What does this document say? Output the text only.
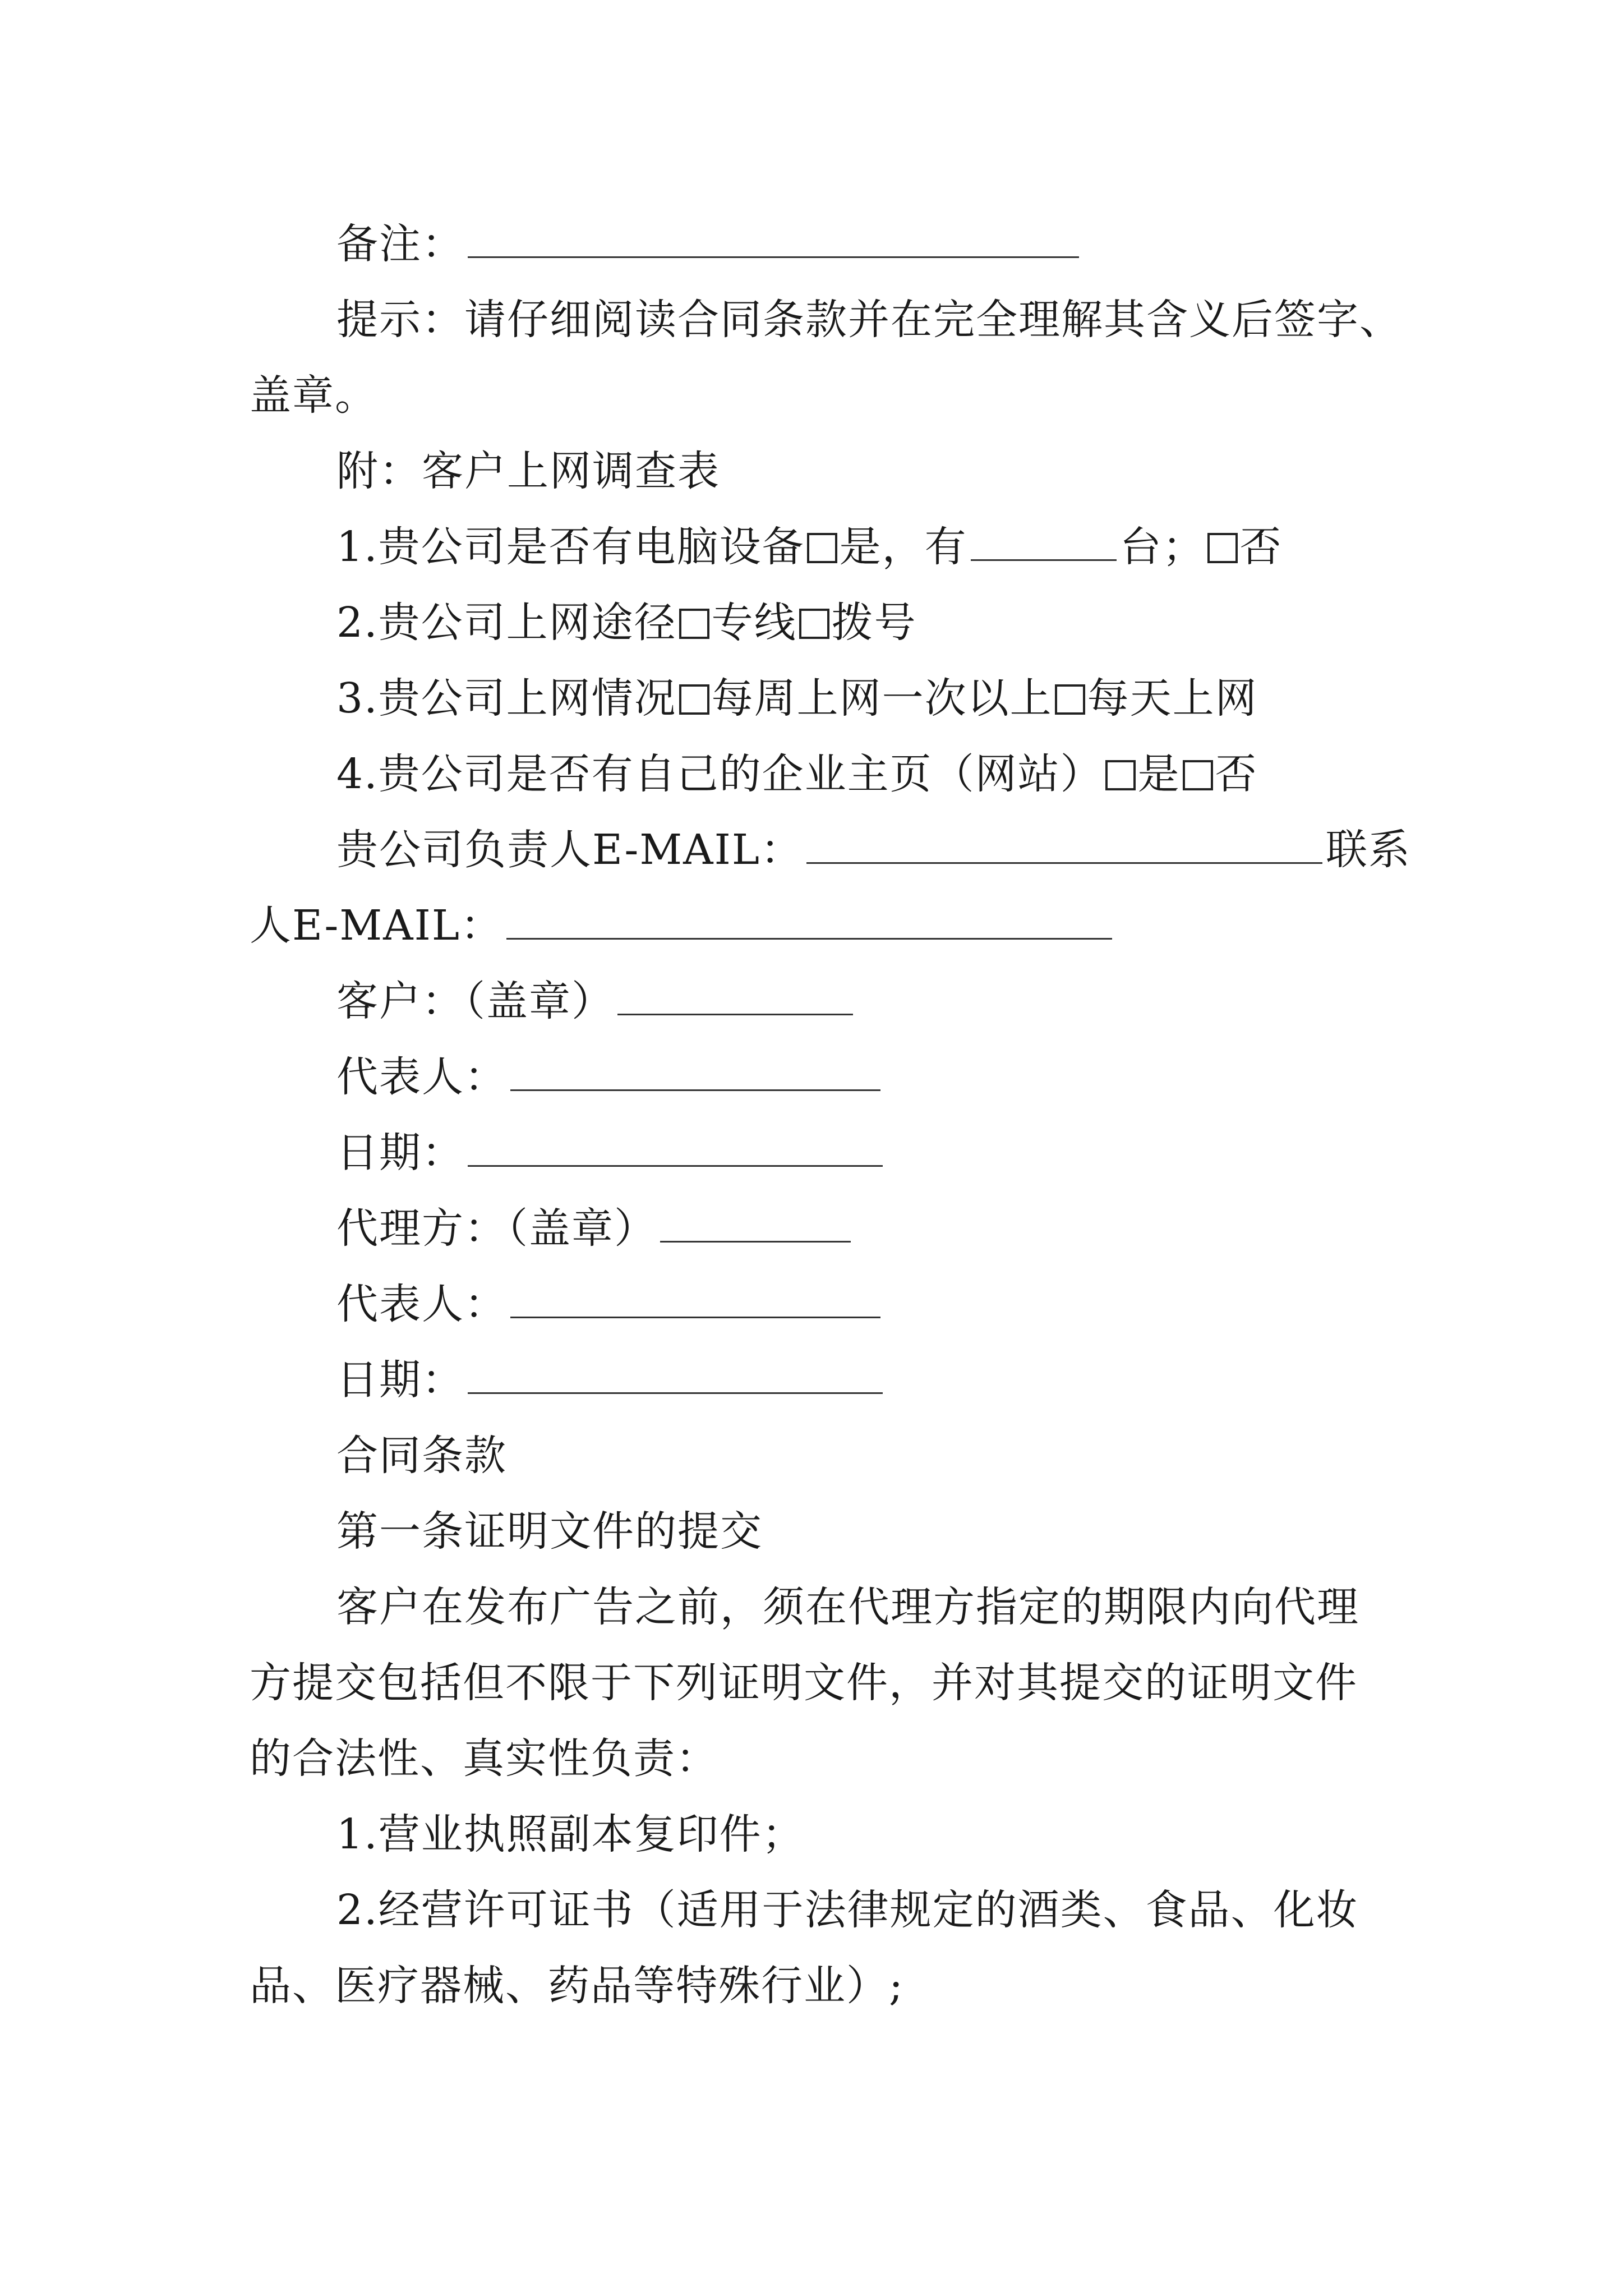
备注：
提示：请仔细阅读合同条款并在完全理解其含义后签字、
盖章。
附：客户上网调查表
1.贵公司是否有电脑设备 是，有	台； 否
2.贵公司上网途径 专线 拨号
3.贵公司上网情况 每周上网一次以上 每天上网
4.贵公司是否有自己的企业主页（网站） 是 否
贵公司负责人E-MAIL：	联系
人E-MAIL：
客户：（盖章）
代表人：
日期：
代理方：（盖章）
代表人：
日期：
合同条款
第一条证明文件的提交
客户在发布广告之前，须在代理方指定的期限内向代理
方提交包括但不限于下列证明文件，并对其提交的证明文件
的合法性、真实性负责：
1.营业执照副本复印件；
2.经营许可证书（适用于法律规定的酒类、食品、化妆
品、医疗器械、药品等特殊行业）;
